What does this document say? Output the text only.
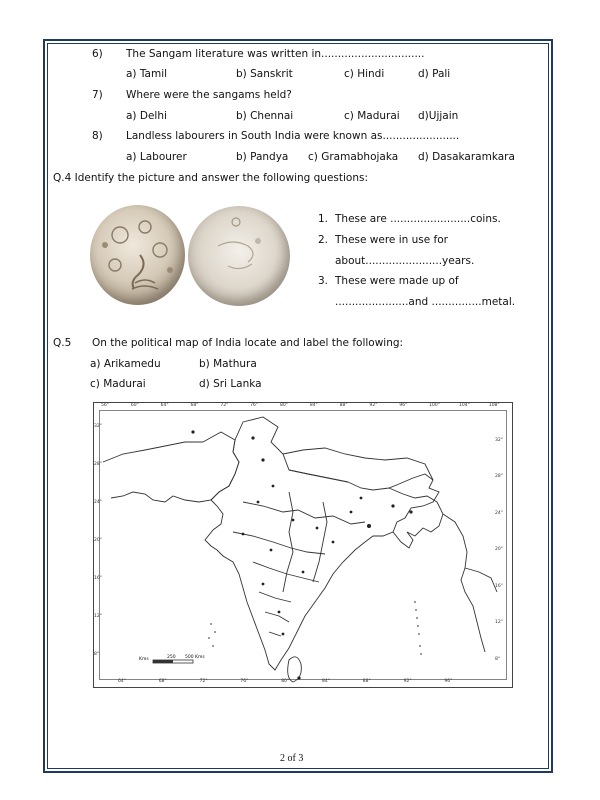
6) The Sangam literature was written in...............................
a) Tamil	b) Sanskrit	c) Hindi	d) Pali
7) Where were the sangams held?
a) Delhi	b) Chennai	c) Madurai d)Ujjain
8) Landless labourers in South India were known as.......................
a) Labourer	b) Pandya c) Gramabhojaka d) Dasakaramkara
Q.4 Identify the picture and answer the following questions:
1. These are ........................coins.
2. These were in use for
about.......................years.
3. These were made up of
......................and ...............metal.
Q.5 On the political map of India locate and label the following:
a) Arikamedu	b) Mathura
c) Madurai	d) Sri Lanka
56°	60°	64°	68°	72°	76°	80°	84°	88°	92°	96°	100°	104°	108°
32°
28°
24°
20°
16°
12°
8°
32°
28°
24°
20°
16°
12°
8°
64°	68°	72°	76°	80°	84°	88°	92°	96°
Kms	250 500 Kms
2 of 3
